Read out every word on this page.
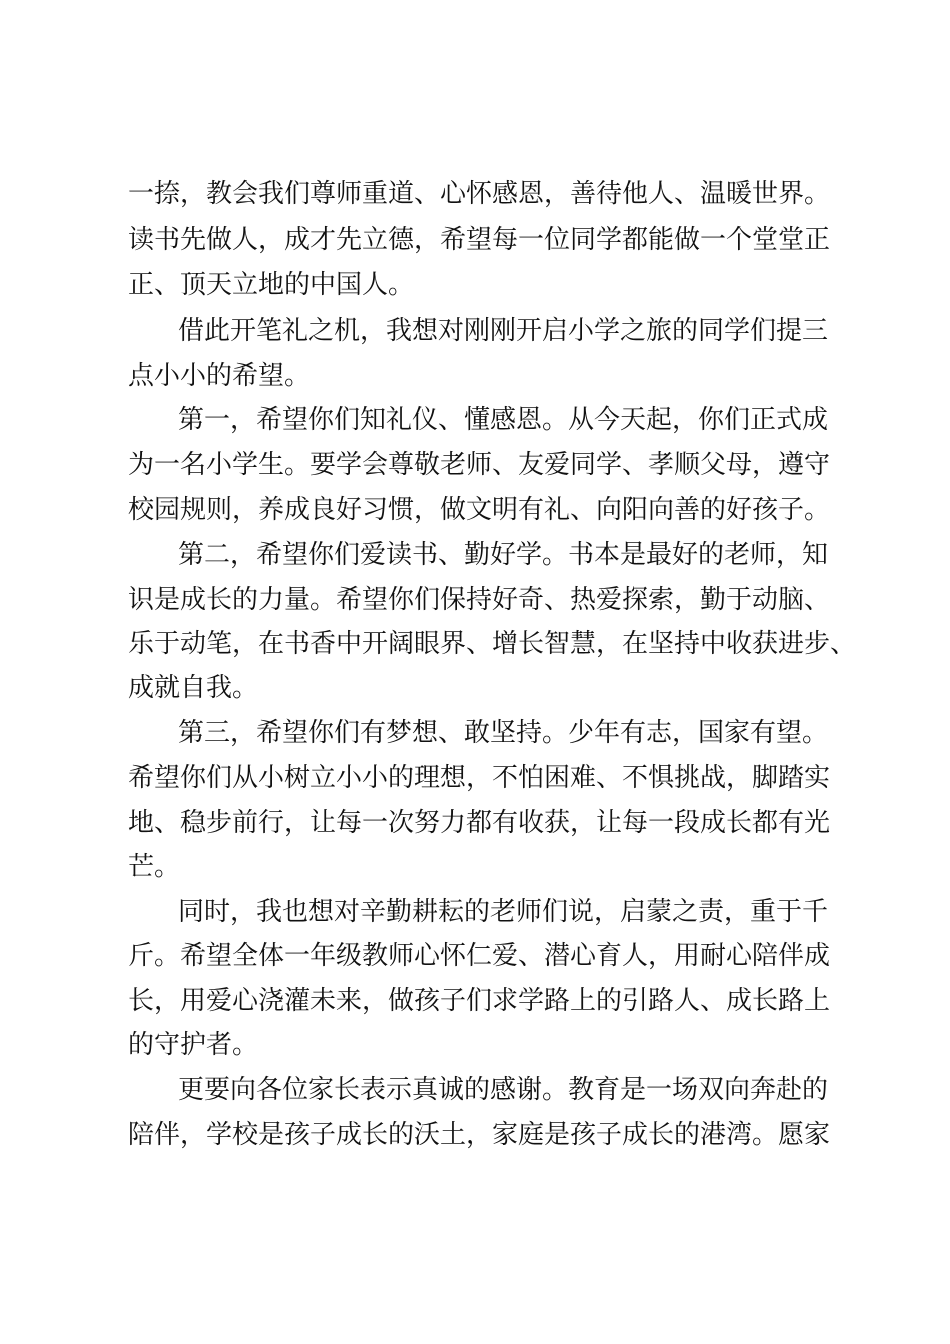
一捺，教会我们尊师重道、心怀感恩，善待他人、温暖世界。

读书先做人，成才先立德，希望每一位同学都能做一个堂堂正

正、顶天立地的中国人。

借此开笔礼之机，我想对刚刚开启小学之旅的同学们提三

点小小的希望。

第一，希望你们知礼仪、懂感恩。从今天起，你们正式成

为一名小学生。要学会尊敬老师、友爱同学、孝顺父母，遵守

校园规则，养成良好习惯，做文明有礼、向阳向善的好孩子。

第二，希望你们爱读书、勤好学。书本是最好的老师，知

识是成长的力量。希望你们保持好奇、热爱探索，勤于动脑、

乐于动笔，在书香中开阔眼界、增长智慧，在坚持中收获进步、

成就自我。

第三，希望你们有梦想、敢坚持。少年有志，国家有望。

希望你们从小树立小小的理想，不怕困难、不惧挑战，脚踏实

地、稳步前行，让每一次努力都有收获，让每一段成长都有光

芒。

同时，我也想对辛勤耕耘的老师们说，启蒙之责，重于千

斤。希望全体一年级教师心怀仁爱、潜心育人，用耐心陪伴成

长，用爱心浇灌未来，做孩子们求学路上的引路人、成长路上

的守护者。

更要向各位家长表示真诚的感谢。教育是一场双向奔赴的

陪伴，学校是孩子成长的沃土，家庭是孩子成长的港湾。愿家
